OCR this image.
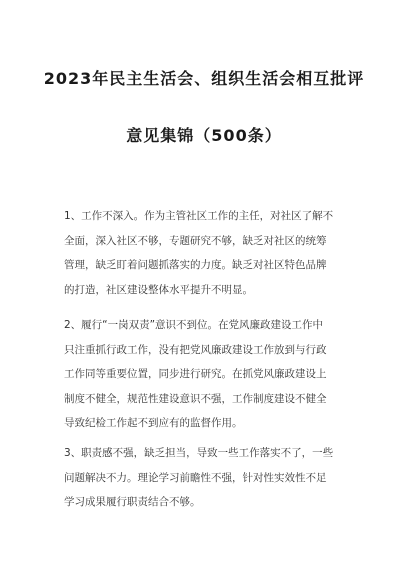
2023年民主生活会、组织生活会相互批评
意见集锦（500条）
1、工作不深入。作为主管社区工作的主任，对社区了解不
全面，深入社区不够，专题研究不够，缺乏对社区的统筹
管理，缺乏盯着问题抓落实的力度。缺乏对社区特色品牌
的打造，社区建设整体水平提升不明显。
2、履行“一岗双责”意识不到位。在党风廉政建设工作中
只注重抓行政工作，没有把党风廉政建设工作放到与行政
工作同等重要位置，同步进行研究。在抓党风廉政建设上
制度不健全，规范性建设意识不强，工作制度建设不健全
导致纪检工作起不到应有的监督作用。
3、职责感不强，缺乏担当，导致一些工作落实不了，一些
问题解决不力。理论学习前瞻性不强，针对性实效性不足
学习成果履行职责结合不够。
